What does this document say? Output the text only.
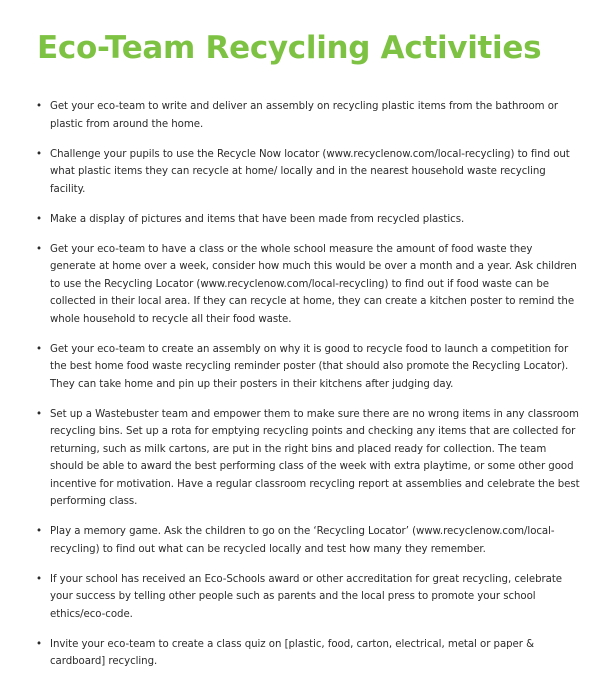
Eco-Team Recycling Activities
• Get your eco-team to write and deliver an assembly on recycling plastic items from the bathroom or plastic from around the home.
• Challenge your pupils to use the Recycle Now locator (www.recyclenow.com/local-recycling) to find out what plastic items they can recycle at home/ locally and in the nearest household waste recycling facility.
• Make a display of pictures and items that have been made from recycled plastics.
• Get your eco-team to have a class or the whole school measure the amount of food waste they generate at home over a week, consider how much this would be over a month and a year. Ask children to use the Recycling Locator (www.recyclenow.com/local-recycling) to find out if food waste can be collected in their local area. If they can recycle at home, they can create a kitchen poster to remind the whole household to recycle all their food waste.
• Get your eco-team to create an assembly on why it is good to recycle food to launch a competition for the best home food waste recycling reminder poster (that should also promote the Recycling Locator). They can take home and pin up their posters in their kitchens after judging day.
• Set up a Wastebuster team and empower them to make sure there are no wrong items in any classroom recycling bins. Set up a rota for emptying recycling points and checking any items that are collected for returning, such as milk cartons, are put in the right bins and placed ready for collection. The team should be able to award the best performing class of the week with extra playtime, or some other good incentive for motivation. Have a regular classroom recycling report at assemblies and celebrate the best performing class.
• Play a memory game. Ask the children to go on the ‘Recycling Locator’ (www.recyclenow.com/local-recycling) to find out what can be recycled locally and test how many they remember.
• If your school has received an Eco-Schools award or other accreditation for great recycling, celebrate your success by telling other people such as parents and the local press to promote your school ethics/eco-code.
• Invite your eco-team to create a class quiz on [plastic, food, carton, electrical, metal or paper & cardboard] recycling.
